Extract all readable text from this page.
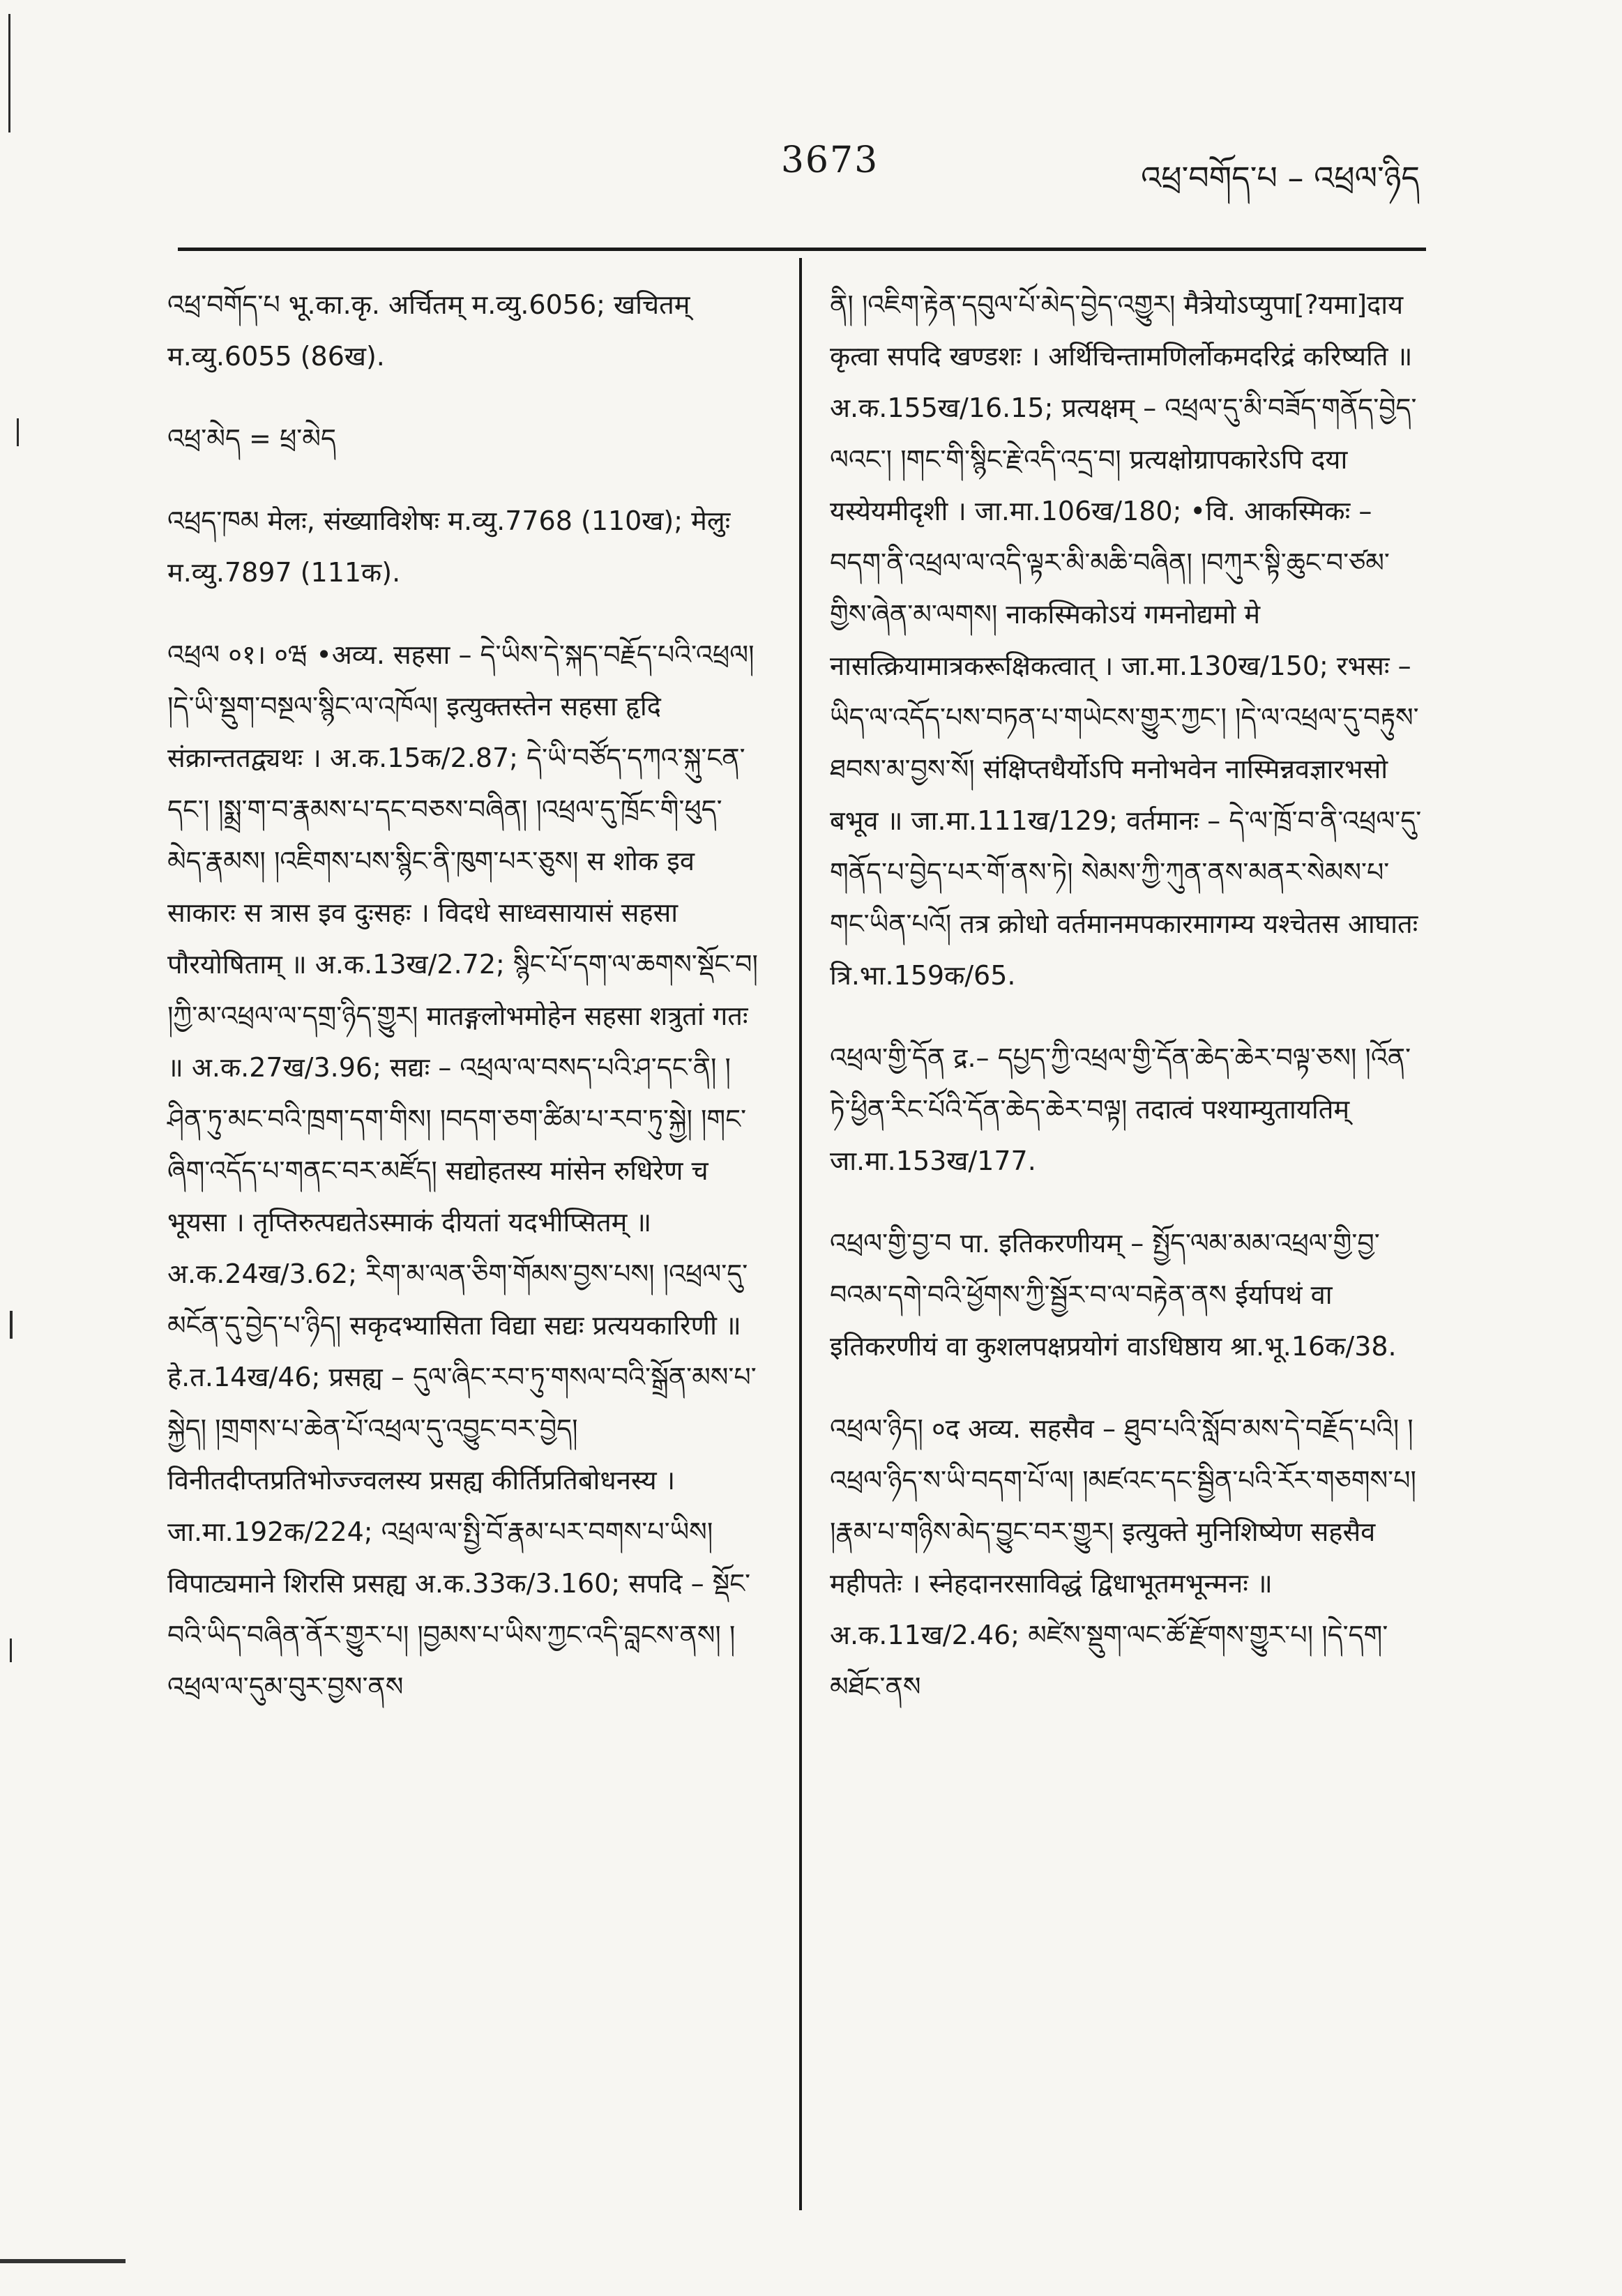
3673	འཕྲ་བགོད་པ – འཕྲལ་ཉིད

འཕྲ་བགོད་པ भू.का.कृ. अर्चितम् म.व्यु.6056; खचितम् म.व्यु.6055 (86ख).

འཕྲ་མེད = ཕྲ་མེད

འཕྲད་ཁམ मेलः, संख्याविशेषः म.व्यु.7768 (110ख); मेलुः म.व्यु.7897 (111क).

འཕྲལ ०१। ०ཝ •अव्य. सहसा – དེ་ཡིས་དེ་སྐད་བརྗོད་པའི་འཕྲལ། །དེ་ཡི་སྡུག་བསྔལ་སྙིང་ལ་འཁོལ། इत्युक्तस्तेन सहसा हृदि संक्रान्ततद्व्यथः । अ.क.15क/2.87; དེ་ཡི་བཙོད་དཀའ་སྐུ་ངན་དང་། །སྨྲ་ག་བ་རྣམས་པ་དང་བཅས་བཞིན། །འཕྲལ་དུ་ཁྲོང་གི་ཕུད་མེད་རྣམས། །འཇིགས་པས་སྙིང་ནི་ཁུག་པར་ཅུས། स शोक इव साकारः स त्रास इव दुःसहः । विदधे साध्वसायासं सहसा पौरयोषिताम् ॥ अ.क.13ख/2.72; སྙིང་པོ་དག་ལ་ཆགས་སྡོང་བ། །ཀྱི་མ་འཕྲལ་ལ་དགྲ་ཉིད་གྱུར། मातङ्गलोभमोहेन सहसा शत्रुतां गतः ॥ अ.क.27ख/3.96; सद्यः – འཕྲལ་ལ་བསད་པའི་ཤ་དང་ནི། །ཤིན་ཏུ་མང་བའི་ཁྲག་དག་གིས། །བདག་ཅག་ཚིམ་པ་རབ་ཏུ་སྐྱེ། །གང་ཞིག་འདོད་པ་གནང་བར་མཛོད། सद्योहतस्य मांसेन रुधिरेण च भूयसा । तृप्तिरुत्पद्यतेऽस्माकं दीयतां यदभीप्सितम् ॥ अ.क.24ख/3.62; རིག་མ་ལན་ཅིག་གོམས་བྱས་པས། །འཕྲལ་དུ་མངོན་དུ་བྱེད་པ་ཉིད། सकृदभ्यासिता विद्या सद्यः प्रत्ययकारिणी ॥ हे.त.14ख/46; प्रसह्य – དུལ་ཞིང་རབ་ཏུ་གསལ་བའི་སྒྲོན་མས་པ་སྐྱེད། །གྲགས་པ་ཆེན་པོ་འཕྲལ་དུ་འབྱུང་བར་བྱེད། विनीतदीप्तप्रतिभोज्ज्वलस्य प्रसह्य कीर्तिप्रतिबोधनस्य । जा.मा.192क/224; འཕྲལ་ལ་སྤྱི་བོ་རྣམ་པར་བགས་པ་ཡིས། विपाट्यमाने शिरसि प्रसह्य अ.क.33क/3.160; सपदि – སྡོང་བའི་ཡིད་བཞིན་ནོར་གྱུར་པ། །བྱམས་པ་ཡིས་ཀྱང་འདི་བླངས་ནས། །འཕྲལ་ལ་དུམ་བུར་བྱས་ནས

ནི། །འཇིག་རྟེན་དབུལ་པོ་མེད་བྱེད་འགྱུར། मैत्रेयोऽप्युपा[?यमा]दाय कृत्वा सपदि खण्डशः । अर्थिचिन्तामणिर्लोकमदरिद्रं करिष्यति ॥ अ.क.155ख/16.15; प्रत्यक्षम् – འཕྲལ་དུ་མི་བཟོད་གནོད་བྱེད་ལའང་། །གང་གི་སྙིང་རྗེ་འདི་འདྲ་བ། प्रत्यक्षोग्रापकारेऽपि दया यस्येयमीदृशी । जा.मा.106ख/180; •वि. आकस्मिकः – བདག་ནི་འཕྲལ་ལ་འདི་ལྟར་མི་མཆི་བཞིན། །བཀུར་སྟི་ཆུང་བ་ཙམ་གྱིས་ཞེན་མ་ལགས། नाकस्मिकोऽयं गमनोद्यमो मे नासत्क्रियामात्रकरूक्षिकत्वात् । जा.मा.130ख/150; रभसः – ཡིད་ལ་འདོད་པས་བཏན་པ་གཡེངས་གྱུར་ཀྱང་། །དེ་ལ་འཕྲལ་དུ་བརྟུས་ཐབས་མ་བྱས་སོ། संक्षिप्तधैर्योऽपि मनोभवेन नास्मिन्नवज्ञारभसो बभूव ॥ जा.मा.111ख/129; वर्तमानः – དེ་ལ་ཁྲོ་བ་ནི་འཕྲལ་དུ་གནོད་པ་བྱེད་པར་གོ་ནས་ཏེ། སེམས་ཀྱི་ཀུན་ནས་མནར་སེམས་པ་གང་ཡིན་པའོ། तत्र क्रोधो वर्तमानमपकारमागम्य यश्चेतस आघातः त्रि.भा.159क/65.

འཕྲལ་གྱི་དོན द्र.– དཔྱད་ཀྱི་འཕྲལ་གྱི་དོན་ཆེད་ཆེར་བལྟ་ཅས། །འོན་ཏེ་ཕྱིན་རིང་པོའི་དོན་ཆེད་ཆེར་བལྟ། तदात्वं पश्याम्युतायतिम् जा.मा.153ख/177.

འཕྲལ་གྱི་བྱ་བ पा. इतिकरणीयम् – སྤྱོད་ལམ་མམ་འཕྲལ་གྱི་བྱ་བའམ་དགེ་བའི་ཕྱོགས་ཀྱི་སྦྱོར་བ་ལ་བརྟེན་ནས ईर्यापथं वा इतिकरणीयं वा कुशलपक्षप्रयोगं वाऽधिष्ठाय श्रा.भू.16क/38.

འཕྲལ་ཉིད། ०द अव्य. सहसैव – ཐུབ་པའི་སློབ་མས་དེ་བརྗོད་པའི། །འཕྲལ་ཉིད་ས་ཡི་བདག་པོ་ལ། །མཛའང་དང་སྦྱིན་པའི་རོར་གཅགས་པ། །རྣམ་པ་གཉིས་མེད་བྱུང་བར་གྱུར། इत्युक्ते मुनिशिष्येण सहसैव महीपतेः । स्नेहदानरसाविद्धं द्विधाभूतमभून्मनः ॥ अ.क.11ख/2.46; མཛེས་སྡུག་ལང་ཚོ་རྫོགས་གྱུར་པ། །དེ་དག་མཐོང་ནས
